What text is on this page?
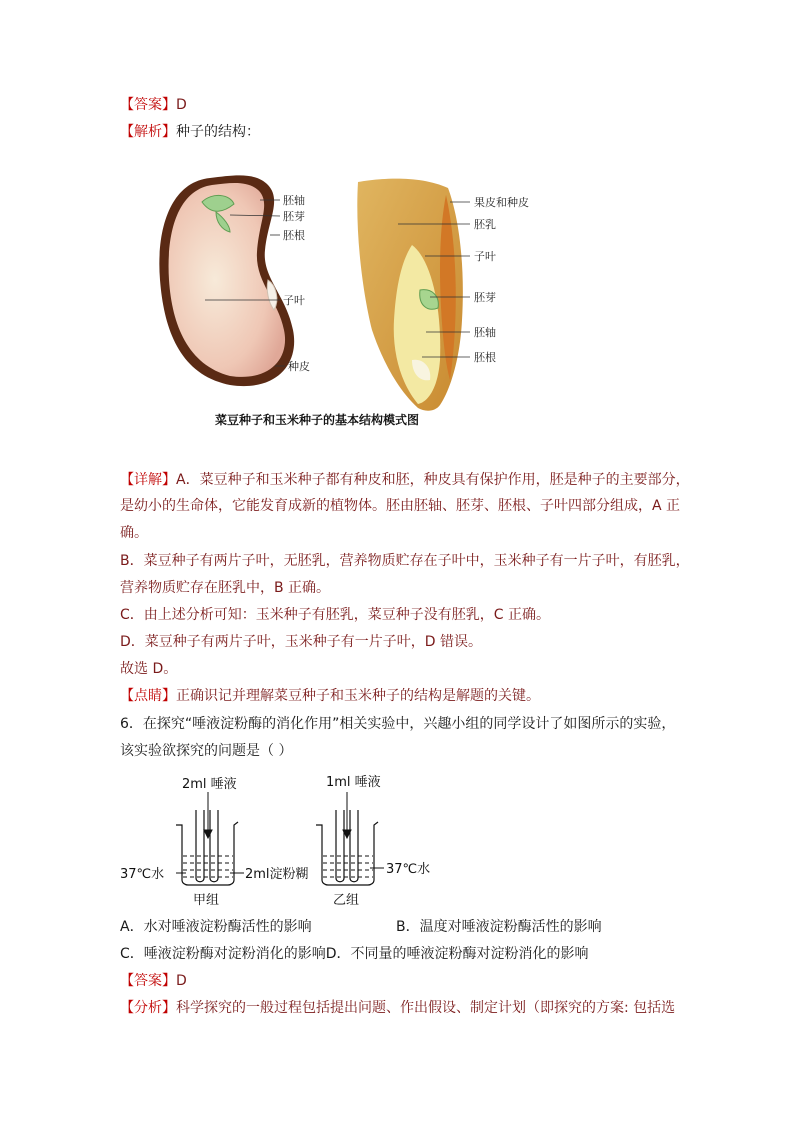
【答案】D
【解析】种子的结构：
胚轴
胚芽
胚根
子叶
种皮
果皮和种皮
胚乳
子叶
胚芽
胚轴
胚根
菜豆种子和玉米种子的基本结构模式图
【详解】A．菜豆种子和玉米种子都有种皮和胚，种皮具有保护作用，胚是种子的主要部分，
是幼小的生命体，它能发育成新的植物体。胚由胚轴、胚芽、胚根、子叶四部分组成，A 正
确。
B．菜豆种子有两片子叶，无胚乳，营养物质贮存在子叶中，玉米种子有一片子叶，有胚乳，
营养物质贮存在胚乳中，B 正确。
C．由上述分析可知：玉米种子有胚乳，菜豆种子没有胚乳，C 正确。
D．菜豆种子有两片子叶，玉米种子有一片子叶，D 错误。
故选 D。
【点睛】正确识记并理解菜豆种子和玉米种子的结构是解题的关键。
6．在探究“唾液淀粉酶的消化作用”相关实验中，兴趣小组的同学设计了如图所示的实验，
该实验欲探究的问题是（ ）
2ml 唾液	1ml 唾液
37℃水	2ml淀粉糊	37℃水
甲组	乙组
A．水对唾液淀粉酶活性的影响	B．温度对唾液淀粉酶活性的影响
C．唾液淀粉酶对淀粉消化的影响D．不同量的唾液淀粉酶对淀粉消化的影响
【答案】D
【分析】科学探究的一般过程包括提出问题、作出假设、制定计划（即探究的方案: 包括选
